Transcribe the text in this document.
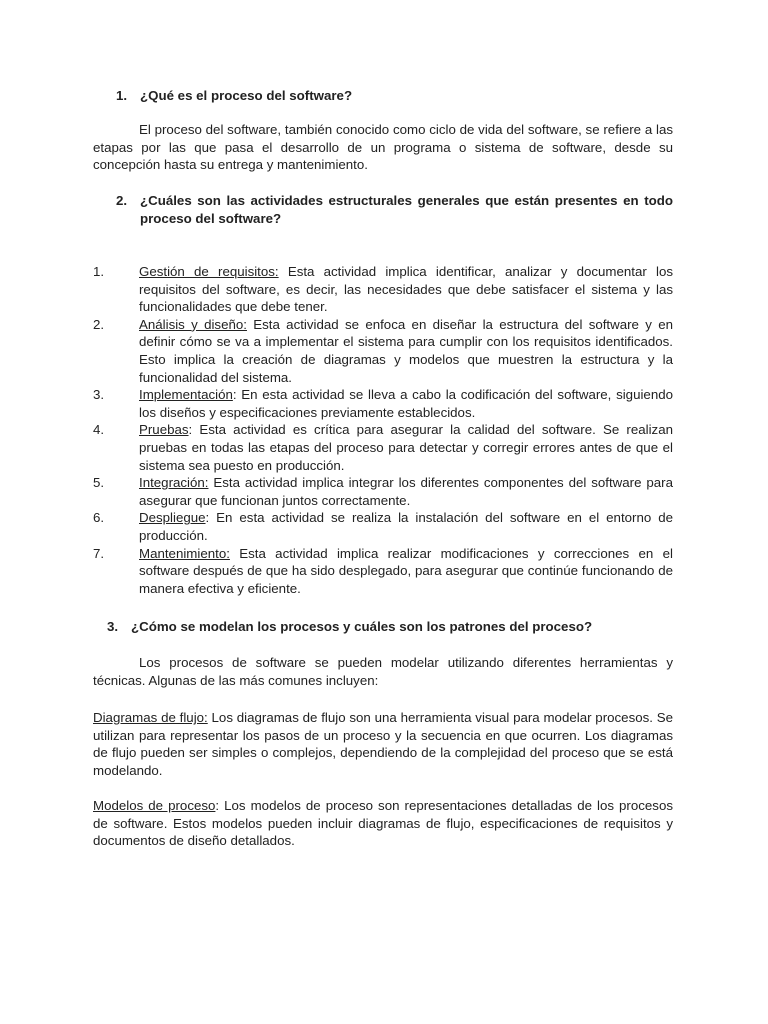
1. ¿Qué es el proceso del software?
El proceso del software, también conocido como ciclo de vida del software, se refiere a las etapas por las que pasa el desarrollo de un programa o sistema de software, desde su concepción hasta su entrega y mantenimiento.
2. ¿Cuáles son las actividades estructurales generales que están presentes en todo proceso del software?
1.	Gestión de requisitos: Esta actividad implica identificar, analizar y documentar los requisitos del software, es decir, las necesidades que debe satisfacer el sistema y las funcionalidades que debe tener.
2.	Análisis y diseño: Esta actividad se enfoca en diseñar la estructura del software y en definir cómo se va a implementar el sistema para cumplir con los requisitos identificados. Esto implica la creación de diagramas y modelos que muestren la estructura y la funcionalidad del sistema.
3.	Implementación: En esta actividad se lleva a cabo la codificación del software, siguiendo los diseños y especificaciones previamente establecidos.
4.	Pruebas: Esta actividad es crítica para asegurar la calidad del software. Se realizan pruebas en todas las etapas del proceso para detectar y corregir errores antes de que el sistema sea puesto en producción.
5.	Integración: Esta actividad implica integrar los diferentes componentes del software para asegurar que funcionan juntos correctamente.
6.	Despliegue: En esta actividad se realiza la instalación del software en el entorno de producción.
7.	Mantenimiento: Esta actividad implica realizar modificaciones y correcciones en el software después de que ha sido desplegado, para asegurar que continúe funcionando de manera efectiva y eficiente.
3. ¿Cómo se modelan los procesos y cuáles son los patrones del proceso?
Los procesos de software se pueden modelar utilizando diferentes herramientas y técnicas. Algunas de las más comunes incluyen:
Diagramas de flujo: Los diagramas de flujo son una herramienta visual para modelar procesos. Se utilizan para representar los pasos de un proceso y la secuencia en que ocurren. Los diagramas de flujo pueden ser simples o complejos, dependiendo de la complejidad del proceso que se está modelando.
Modelos de proceso: Los modelos de proceso son representaciones detalladas de los procesos de software. Estos modelos pueden incluir diagramas de flujo, especificaciones de requisitos y documentos de diseño detallados.
